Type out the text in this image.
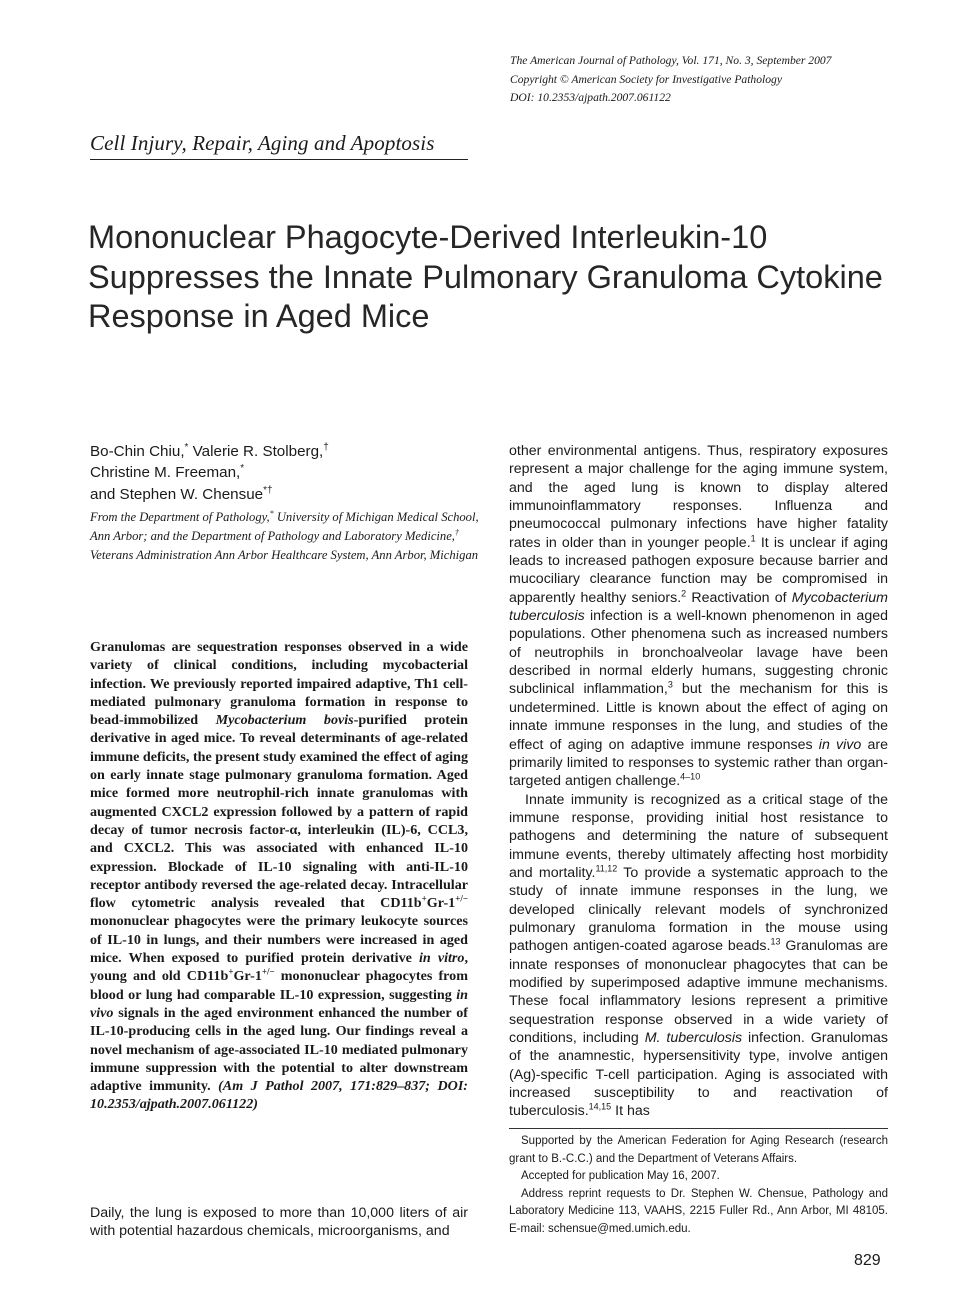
The American Journal of Pathology, Vol. 171, No. 3, September 2007
Copyright © American Society for Investigative Pathology
DOI: 10.2353/ajpath.2007.061122
Cell Injury, Repair, Aging and Apoptosis
Mononuclear Phagocyte-Derived Interleukin-10 Suppresses the Innate Pulmonary Granuloma Cytokine Response in Aged Mice
Bo-Chin Chiu,* Valerie R. Stolberg,†
Christine M. Freeman,*
and Stephen W. Chensue*†
From the Department of Pathology,* University of Michigan Medical School, Ann Arbor; and the Department of Pathology and Laboratory Medicine,† Veterans Administration Ann Arbor Healthcare System, Ann Arbor, Michigan
Granulomas are sequestration responses observed in a wide variety of clinical conditions, including mycobacterial infection. We previously reported impaired adaptive, Th1 cell-mediated pulmonary granuloma formation in response to bead-immobilized Mycobacterium bovis-purified protein derivative in aged mice. To reveal determinants of age-related immune deficits, the present study examined the effect of aging on early innate stage pulmonary granuloma formation. Aged mice formed more neutrophil-rich innate granulomas with augmented CXCL2 expression followed by a pattern of rapid decay of tumor necrosis factor-α, interleukin (IL)-6, CCL3, and CXCL2. This was associated with enhanced IL-10 expression. Blockade of IL-10 signaling with anti-IL-10 receptor antibody reversed the age-related decay. Intracellular flow cytometric analysis revealed that CD11b+Gr-1+/− mononuclear phagocytes were the primary leukocyte sources of IL-10 in lungs, and their numbers were increased in aged mice. When exposed to purified protein derivative in vitro, young and old CD11b+Gr-1+/− mononuclear phagocytes from blood or lung had comparable IL-10 expression, suggesting in vivo signals in the aged environment enhanced the number of IL-10-producing cells in the aged lung. Our findings reveal a novel mechanism of age-associated IL-10 mediated pulmonary immune suppression with the potential to alter downstream adaptive immunity. (Am J Pathol 2007, 171:829–837; DOI: 10.2353/ajpath.2007.061122)
Daily, the lung is exposed to more than 10,000 liters of air with potential hazardous chemicals, microorganisms, and

other environmental antigens. Thus, respiratory exposures represent a major challenge for the aging immune system, and the aged lung is known to display altered immunoinflammatory responses. Influenza and pneumococcal pulmonary infections have higher fatality rates in older than in younger people.$^1$ It is unclear if aging leads to increased pathogen exposure because barrier and mucociliary clearance function may be compromised in apparently healthy seniors.$^2$ Reactivation of Mycobacterium tuberculosis infection is a well-known phenomenon in aged populations. Other phenomena such as increased numbers of neutrophils in bronchoalveolar lavage have been described in normal elderly humans, suggesting chronic subclinical inflammation,$^3$ but the mechanism for this is undetermined. Little is known about the effect of aging on innate immune responses in the lung, and studies of the effect of aging on adaptive immune responses in vivo are primarily limited to responses to systemic rather than organ-targeted antigen challenge.$^{4-10}$

Innate immunity is recognized as a critical stage of the immune response, providing initial host resistance to pathogens and determining the nature of subsequent immune events, thereby ultimately affecting host morbidity and mortality.$^{11,12}$ To provide a systematic approach to the study of innate immune responses in the lung, we developed clinically relevant models of synchronized pulmonary granuloma formation in the mouse using pathogen antigen-coated agarose beads.$^{13}$ Granulomas are innate responses of mononuclear phagocytes that can be modified by superimposed adaptive immune mechanisms. These focal inflammatory lesions represent a primitive sequestration response observed in a wide variety of conditions, including M. tuberculosis infection. Granulomas of the anamnestic, hypersensitivity type, involve antigen (Ag)-specific T-cell participation. Aging is associated with increased susceptibility to and reactivation of tuberculosis.$^{14,15}$ It has

Supported by the American Federation for Aging Research (research grant to B.-C.C.) and the Department of Veterans Affairs.

Accepted for publication May 16, 2007.

Address reprint requests to Dr. Stephen W. Chensue, Pathology and Laboratory Medicine 113, VAAHS, 2215 Fuller Rd., Ann Arbor, MI 48105. E-mail: schensue@med.umich.edu.

829
